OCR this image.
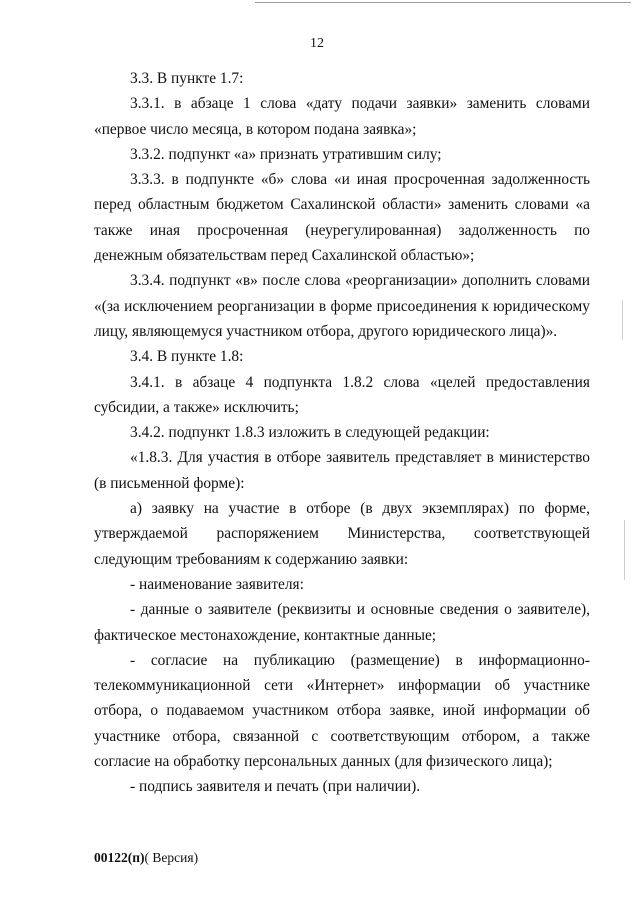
12

3.3. В пункте 1.7:

3.3.1. в абзаце 1 слова «дату подачи заявки» заменить словами «первое число месяца, в котором подана заявка»;

3.3.2. подпункт «а» признать утратившим силу;

3.3.3. в подпункте «б» слова «и иная просроченная задолженность перед областным бюджетом Сахалинской области» заменить словами «а также иная просроченная (неурегулированная) задолженность по денежным обязательствам перед Сахалинской областью»;

3.3.4. подпункт «в» после слова «реорганизации» дополнить словами «(за исключением реорганизации в форме присоединения к юридическому лицу, являющемуся участником отбора, другого юридического лица)».

3.4. В пункте 1.8:

3.4.1. в абзаце 4 подпункта 1.8.2 слова «целей предоставления субсидии, а также» исключить;

3.4.2. подпункт 1.8.3 изложить в следующей редакции:

«1.8.3. Для участия в отборе заявитель представляет в министерство (в письменной форме):

а) заявку на участие в отборе (в двух экземплярах) по форме, утверждаемой распоряжением Министерства, соответствующей следующим требованиям к содержанию заявки:

- наименование заявителя:

- данные о заявителе (реквизиты и основные сведения о заявителе), фактическое местонахождение, контактные данные;

- согласие на публикацию (размещение) в информационно-телекоммуникационной сети «Интернет» информации об участнике отбора, о подаваемом участником отбора заявке, иной информации об участнике отбора, связанной с соответствующим отбором, а также согласие на обработку персональных данных (для физического лица);

- подпись заявителя и печать (при наличии).

00122(п)( Версия)
